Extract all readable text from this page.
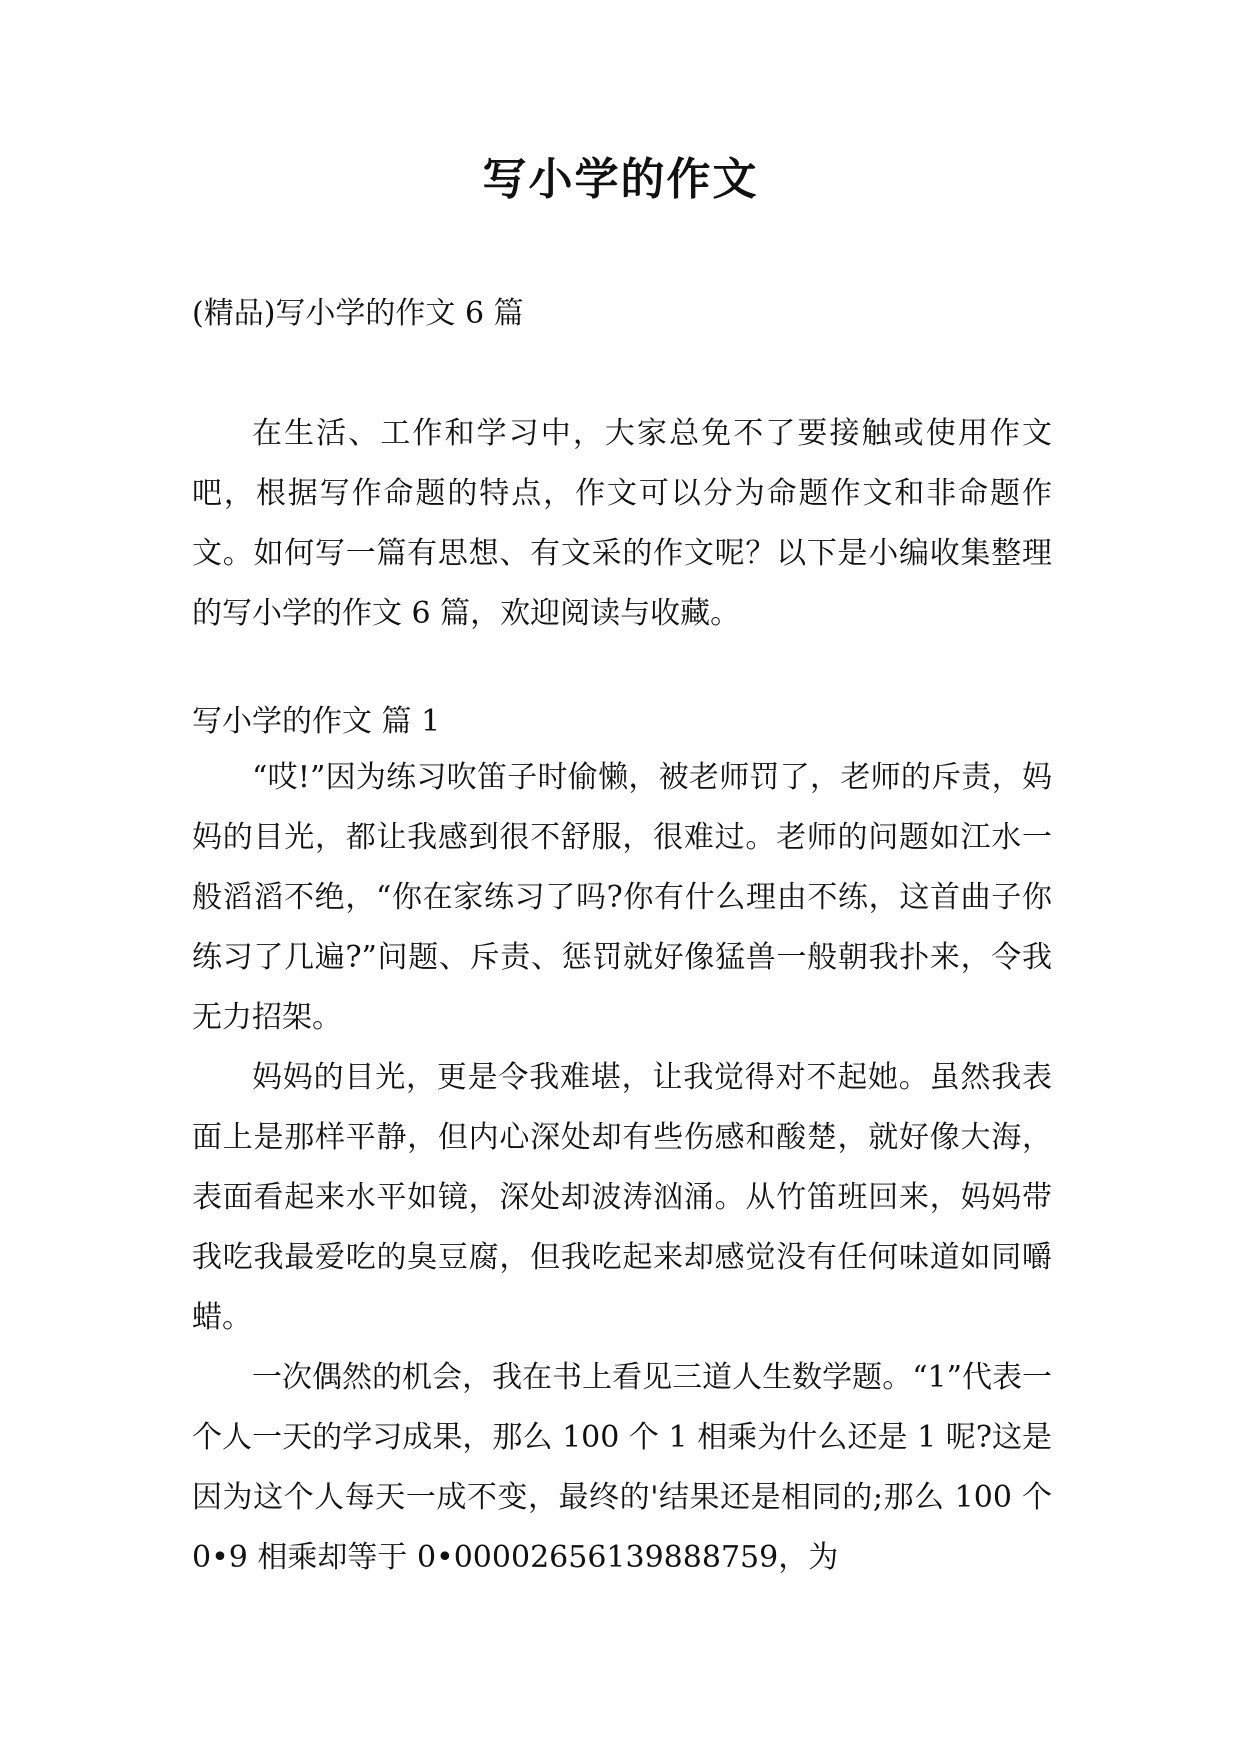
写小学的作文
(精品)写小学的作文 6 篇

在生活、工作和学习中，大家总免不了要接触或使用作文吧，根据写作命题的特点，作文可以分为命题作文和非命题作文。如何写一篇有思想、有文采的作文呢？以下是小编收集整理的写小学的作文 6 篇，欢迎阅读与收藏。

写小学的作文 篇 1

“哎!”因为练习吹笛子时偷懒，被老师罚了，老师的斥责，妈妈的目光，都让我感到很不舒服，很难过。老师的问题如江水一般滔滔不绝，“你在家练习了吗?你有什么理由不练，这首曲子你练习了几遍?”问题、斥责、惩罚就好像猛兽一般朝我扑来，令我无力招架。

妈妈的目光，更是令我难堪，让我觉得对不起她。虽然我表面上是那样平静，但内心深处却有些伤感和酸楚，就好像大海，表面看起来水平如镜，深处却波涛汹涌。从竹笛班回来，妈妈带我吃我最爱吃的臭豆腐，但我吃起来却感觉没有任何味道如同嚼蜡。

一次偶然的机会，我在书上看见三道人生数学题。“1”代表一个人一天的学习成果，那么 100 个 1 相乘为什么还是 1 呢?这是因为这个人每天一成不变，最终的'结果还是相同的;那么 100 个 0•9 相乘却等于 0•00002656139888759，为
